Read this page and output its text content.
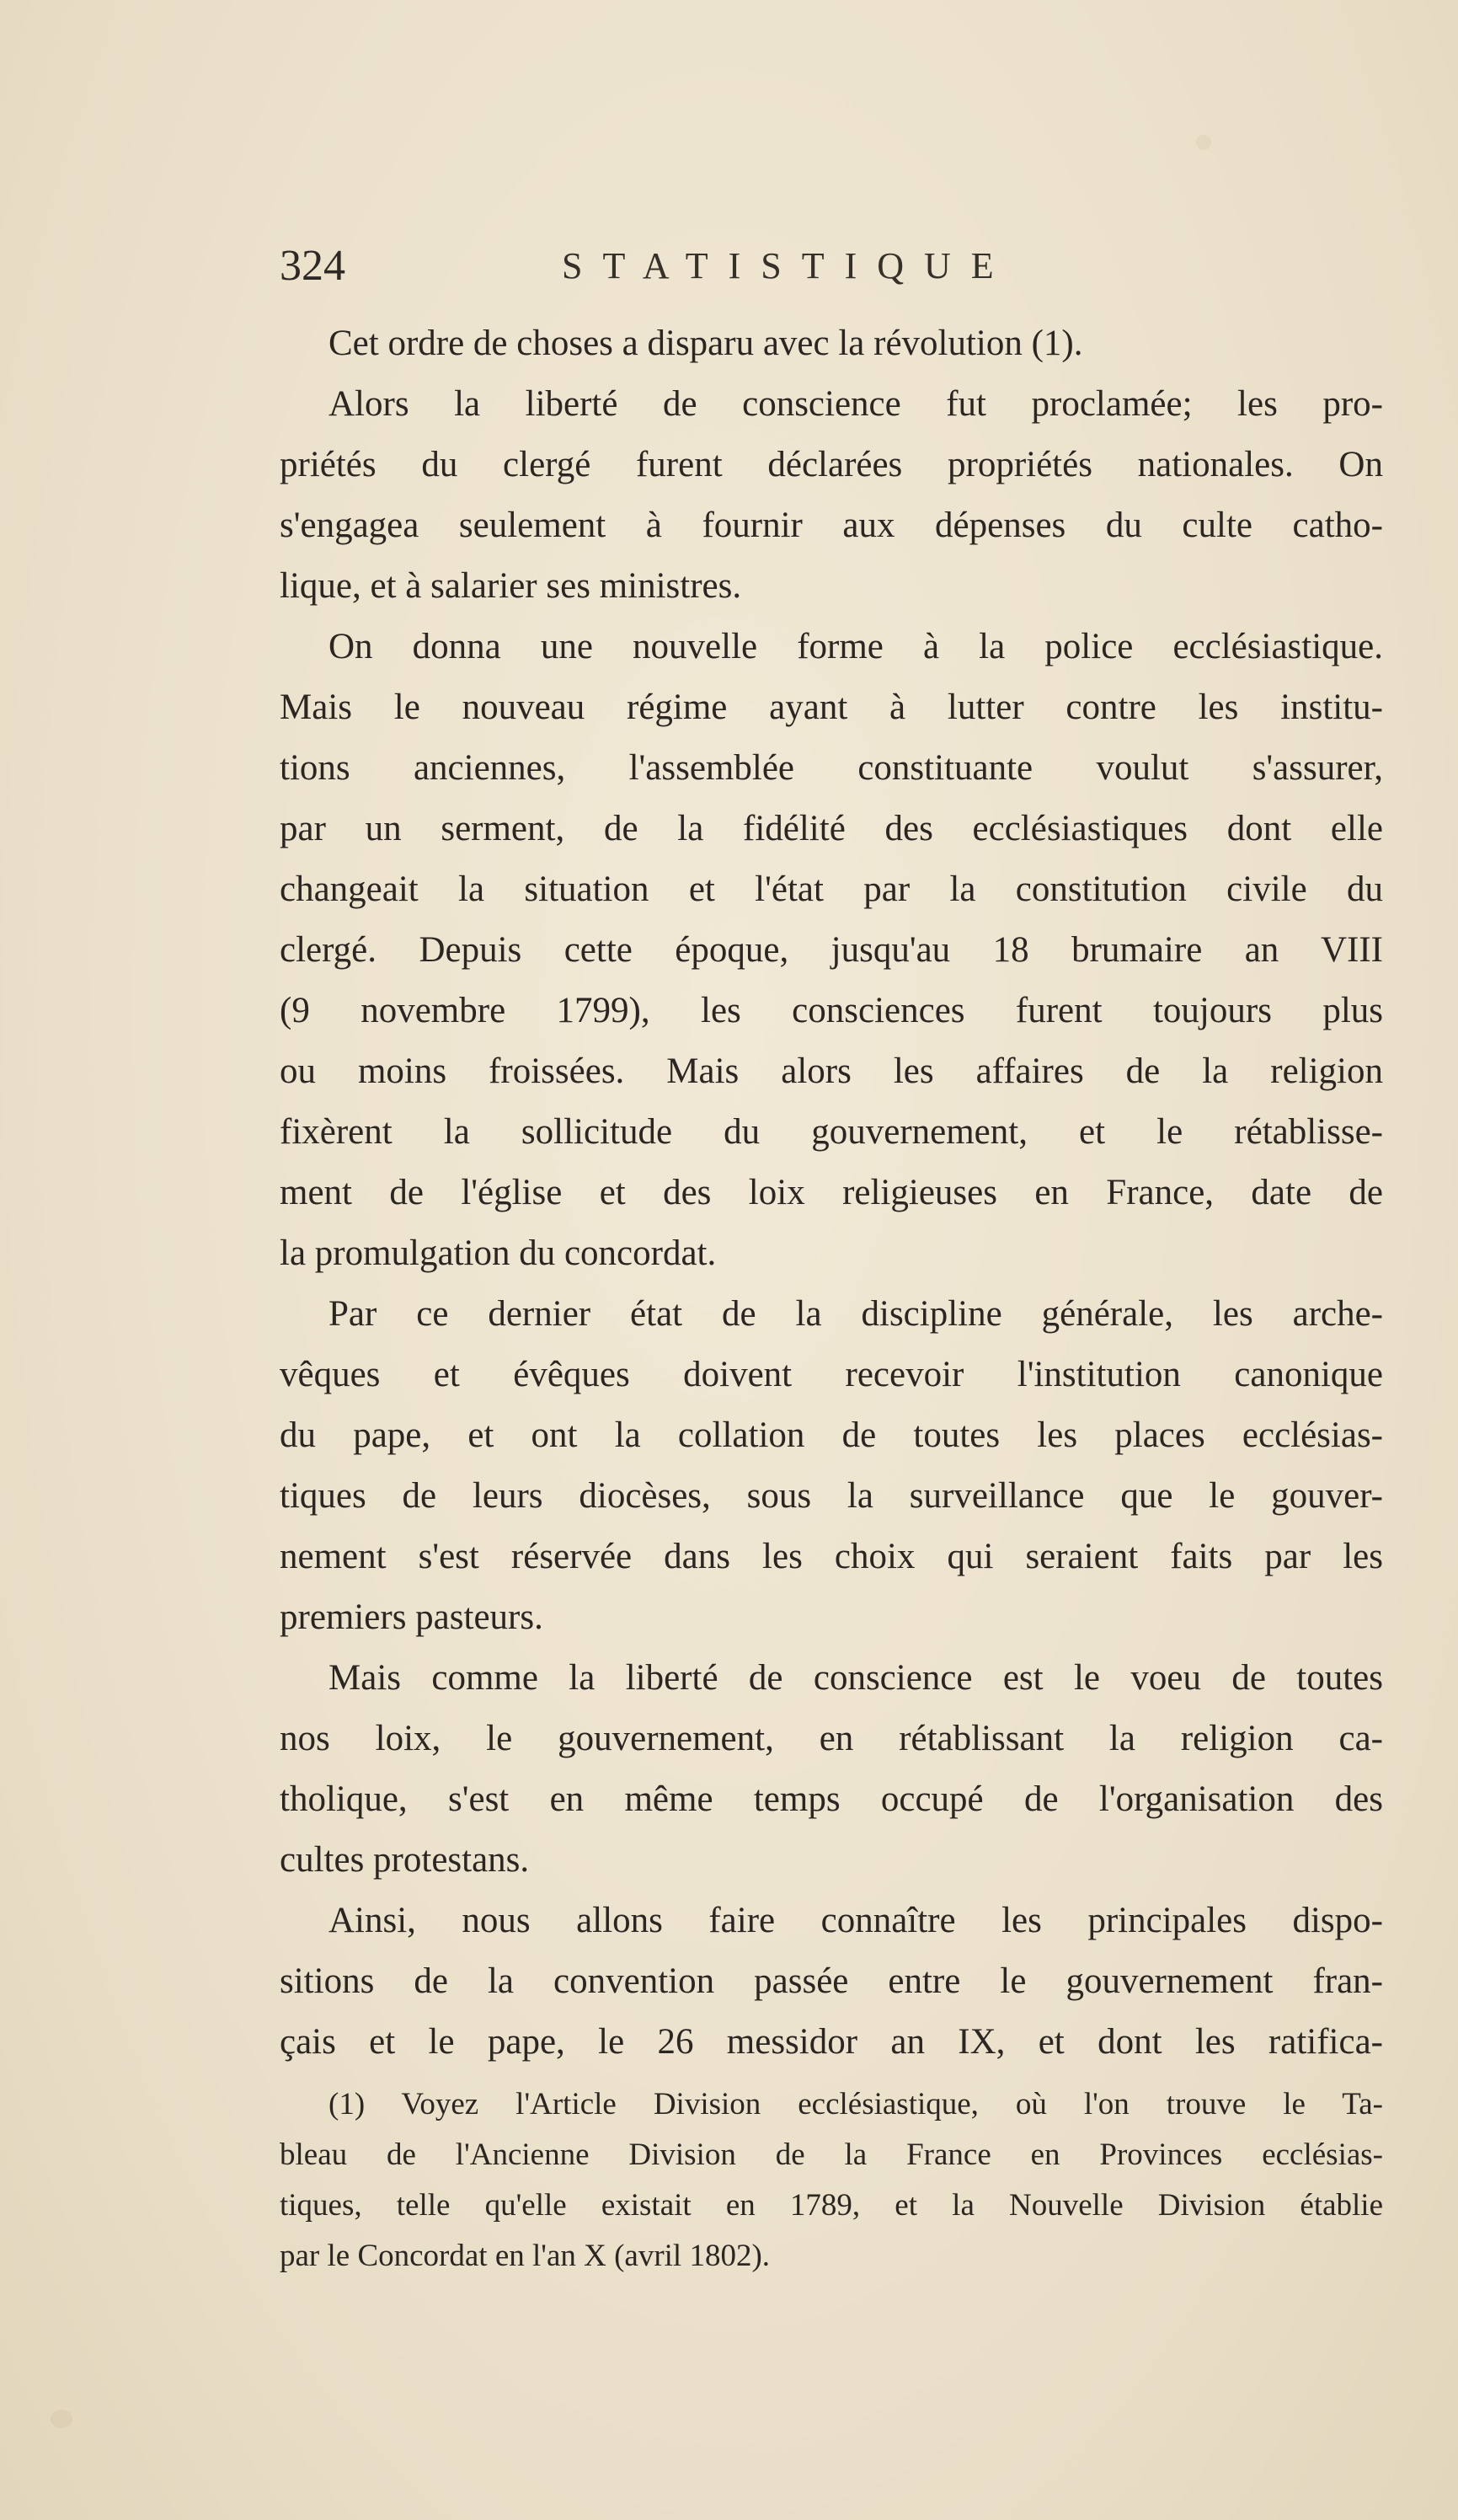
324	STATISTIQUE
Cet ordre de choses a disparu avec la révolution (1).
Alors la liberté de conscience fut proclamée; les pro-
priétés du clergé furent déclarées propriétés nationales. On
s'engagea seulement à fournir aux dépenses du culte catho-
lique, et à salarier ses ministres.
On donna une nouvelle forme à la police ecclésiastique.
Mais le nouveau régime ayant à lutter contre les institu-
tions anciennes, l'assemblée constituante voulut s'assurer,
par un serment, de la fidélité des ecclésiastiques dont elle
changeait la situation et l'état par la constitution civile du
clergé. Depuis cette époque, jusqu'au 18 brumaire an VIII
(9 novembre 1799), les consciences furent toujours plus
ou moins froissées. Mais alors les affaires de la religion
fixèrent la sollicitude du gouvernement, et le rétablisse-
ment de l'église et des loix religieuses en France, date de
la promulgation du concordat.
Par ce dernier état de la discipline générale, les arche-
vêques et évêques doivent recevoir l'institution canonique
du pape, et ont la collation de toutes les places ecclésias-
tiques de leurs diocèses, sous la surveillance que le gouver-
nement s'est réservée dans les choix qui seraient faits par les
premiers pasteurs.
Mais comme la liberté de conscience est le voeu de toutes
nos loix, le gouvernement, en rétablissant la religion ca-
tholique, s'est en même temps occupé de l'organisation des
cultes protestans.
Ainsi, nous allons faire connaître les principales dispo-
sitions de la convention passée entre le gouvernement fran-
çais et le pape, le 26 messidor an IX, et dont les ratifica-
(1) Voyez l'Article Division ecclésiastique, où l'on trouve le Ta-
bleau de l'Ancienne Division de la France en Provinces ecclésias-
tiques, telle qu'elle existait en 1789, et la Nouvelle Division établie
par le Concordat en l'an X (avril 1802).
